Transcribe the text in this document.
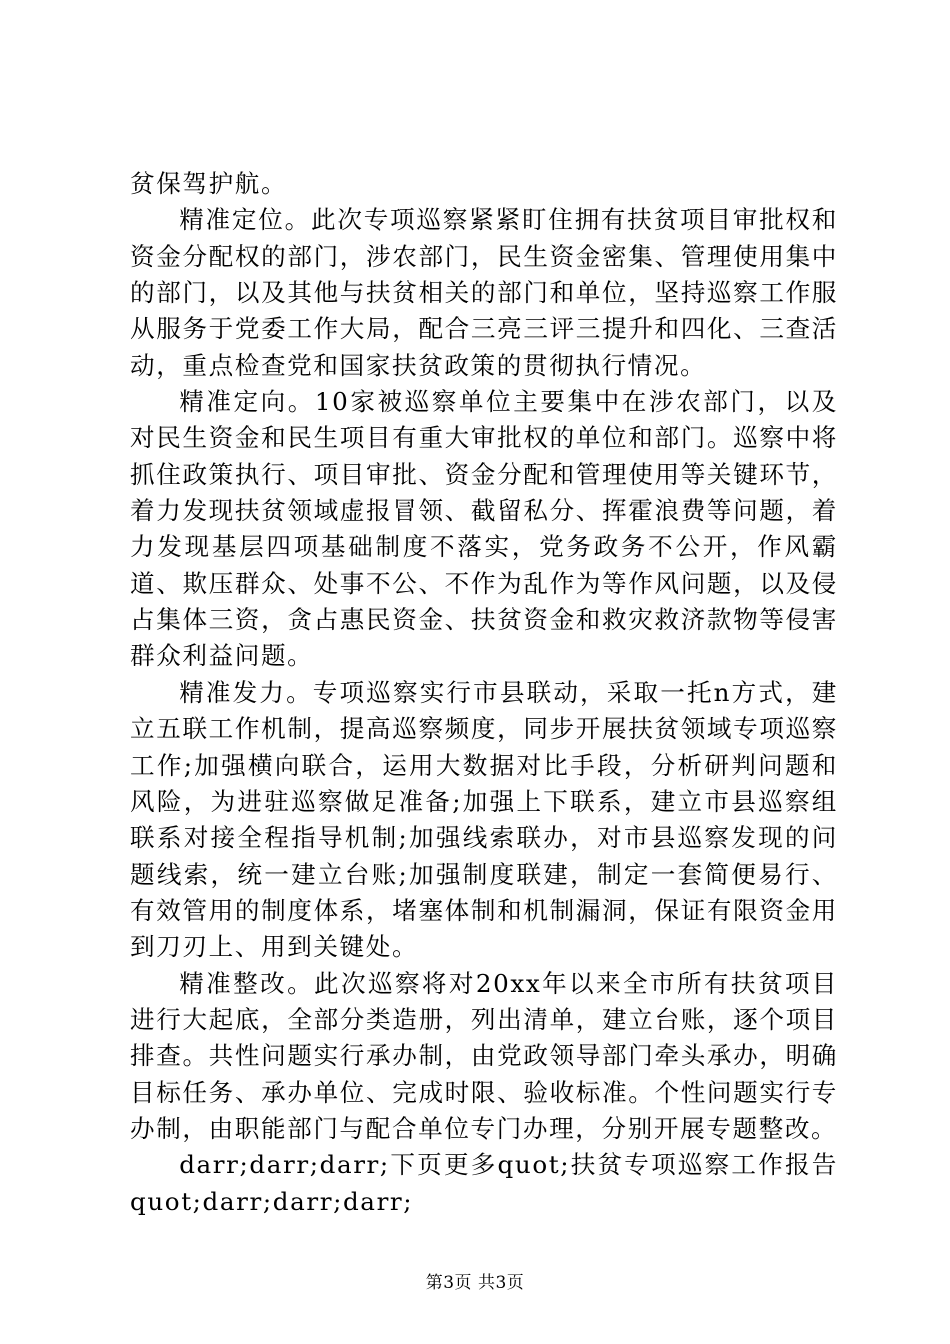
贫保驾护航。

精准定位。此次专项巡察紧紧盯住拥有扶贫项目审批权和资金分配权的部门，涉农部门，民生资金密集、管理使用集中的部门，以及其他与扶贫相关的部门和单位，坚持巡察工作服从服务于党委工作大局，配合三亮三评三提升和四化、三查活动，重点检查党和国家扶贫政策的贯彻执行情况。

精准定向。10家被巡察单位主要集中在涉农部门，以及对民生资金和民生项目有重大审批权的单位和部门。巡察中将抓住政策执行、项目审批、资金分配和管理使用等关键环节，着力发现扶贫领域虚报冒领、截留私分、挥霍浪费等问题，着力发现基层四项基础制度不落实，党务政务不公开，作风霸道、欺压群众、处事不公、不作为乱作为等作风问题，以及侵占集体三资，贪占惠民资金、扶贫资金和救灾救济款物等侵害群众利益问题。

精准发力。专项巡察实行市县联动，采取一托n方式，建立五联工作机制，提高巡察频度，同步开展扶贫领域专项巡察工作;加强横向联合，运用大数据对比手段，分析研判问题和风险，为进驻巡察做足准备;加强上下联系，建立市县巡察组联系对接全程指导机制;加强线索联办，对市县巡察发现的问题线索，统一建立台账;加强制度联建，制定一套简便易行、有效管用的制度体系，堵塞体制和机制漏洞，保证有限资金用到刀刃上、用到关键处。

精准整改。此次巡察将对20xx年以来全市所有扶贫项目进行大起底，全部分类造册，列出清单，建立台账，逐个项目排查。共性问题实行承办制，由党政领导部门牵头承办，明确目标任务、承办单位、完成时限、验收标准。个性问题实行专办制，由职能部门与配合单位专门办理，分别开展专题整改。

darr;darr;darr;下页更多quot;扶贫专项巡察工作报告quot;darr;darr;darr;

第3页 共3页
